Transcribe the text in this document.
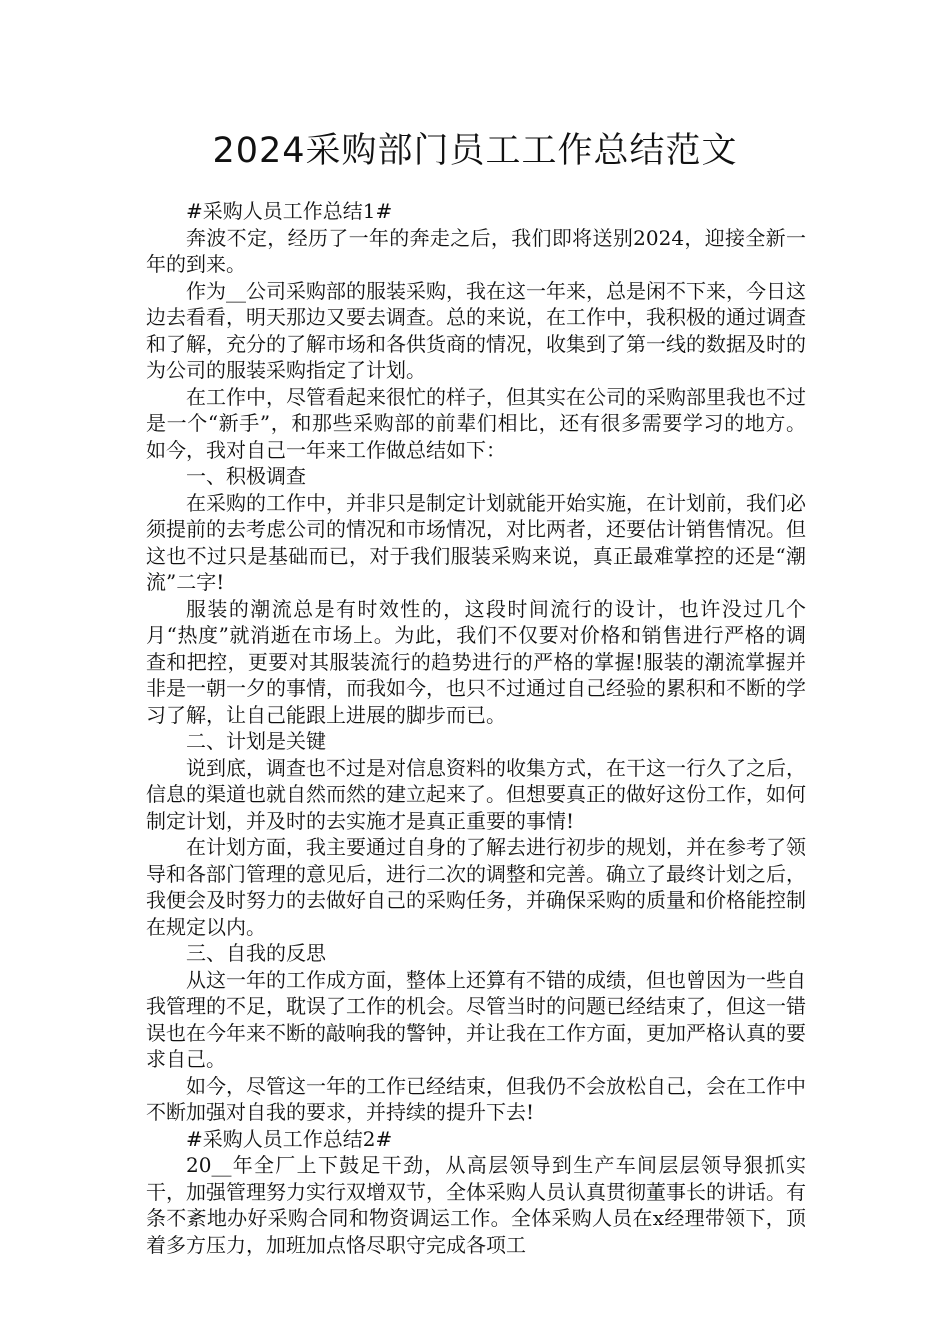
2024采购部门员工工作总结范文

#采购人员工作总结1#

奔波不定，经历了一年的奔走之后，我们即将送别2024，迎接全新一年的到来。

作为__公司采购部的服装采购，我在这一年来，总是闲不下来，今日这边去看看，明天那边又要去调查。总的来说，在工作中，我积极的通过调查和了解，充分的了解市场和各供货商的情况，收集到了第一线的数据及时的为公司的服装采购指定了计划。

在工作中，尽管看起来很忙的样子，但其实在公司的采购部里我也不过是一个“新手”，和那些采购部的前辈们相比，还有很多需要学习的地方。如今，我对自己一年来工作做总结如下：

一、积极调查

在采购的工作中，并非只是制定计划就能开始实施，在计划前，我们必须提前的去考虑公司的情况和市场情况，对比两者，还要估计销售情况。但这也不过只是基础而已，对于我们服装采购来说，真正最难掌控的还是“潮流”二字!

服装的潮流总是有时效性的，这段时间流行的设计，也许没过几个月“热度”就消逝在市场上。为此，我们不仅要对价格和销售进行严格的调查和把控，更要对其服装流行的趋势进行的严格的掌握!服装的潮流掌握并非是一朝一夕的事情，而我如今，也只不过通过自己经验的累积和不断的学习了解，让自己能跟上进展的脚步而已。

二、计划是关键

说到底，调查也不过是对信息资料的收集方式，在干这一行久了之后，信息的渠道也就自然而然的建立起来了。但想要真正的做好这份工作，如何制定计划，并及时的去实施才是真正重要的事情!

在计划方面，我主要通过自身的了解去进行初步的规划，并在参考了领导和各部门管理的意见后，进行二次的调整和完善。确立了最终计划之后，我便会及时努力的去做好自己的采购任务，并确保采购的质量和价格能控制在规定以内。

三、自我的反思

从这一年的工作成方面，整体上还算有不错的成绩，但也曾因为一些自我管理的不足，耽误了工作的机会。尽管当时的问题已经结束了，但这一错误也在今年来不断的敲响我的警钟，并让我在工作方面，更加严格认真的要求自己。

如今，尽管这一年的工作已经结束，但我仍不会放松自己，会在工作中不断加强对自我的要求，并持续的提升下去!

#采购人员工作总结2#

20__年全厂上下鼓足干劲，从高层领导到生产车间层层领导狠抓实干，加强管理努力实行双增双节，全体采购人员认真贯彻董事长的讲话。有条不紊地办好采购合同和物资调运工作。全体采购人员在x经理带领下，顶着多方压力，加班加点恪尽职守完成各项工
